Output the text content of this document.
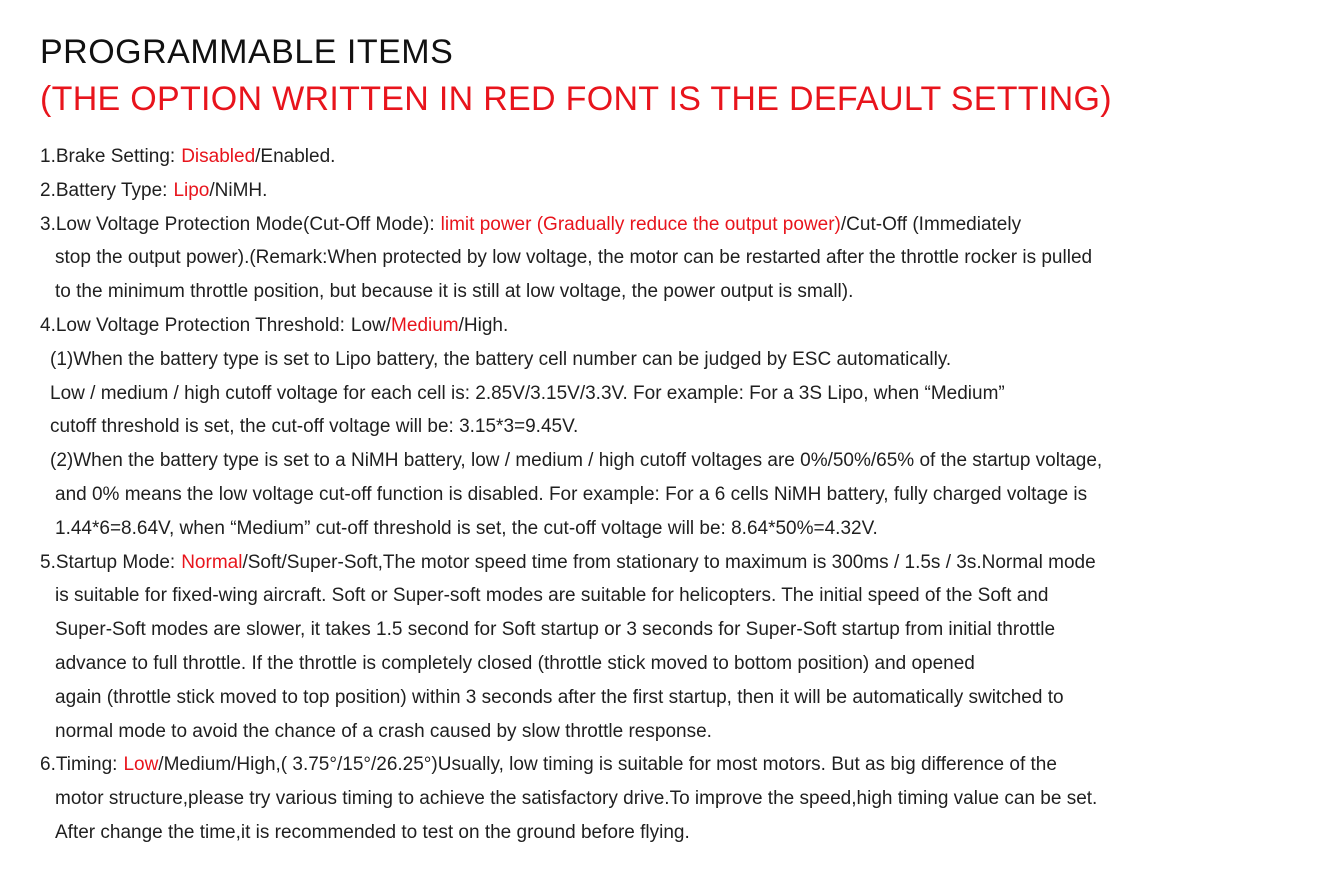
PROGRAMMABLE ITEMS
(THE OPTION WRITTEN IN RED FONT IS THE DEFAULT SETTING)
1.Brake Setting: Disabled/Enabled.
2.Battery Type: Lipo/NiMH.
3.Low Voltage Protection Mode(Cut-Off Mode): limit power (Gradually reduce the output power)/Cut-Off (Immediately
stop the output power).(Remark:When protected by low voltage, the motor can be restarted after the throttle rocker is pulled
to the minimum throttle position, but because it is still at low voltage, the power output is small).
4.Low Voltage Protection Threshold: Low/Medium/High.
(1)When the battery type is set to Lipo battery, the battery cell number can be judged by ESC automatically.
Low / medium / high cutoff voltage for each cell is: 2.85V/3.15V/3.3V. For example: For a 3S Lipo, when “Medium”
cutoff threshold is set, the cut-off voltage will be: 3.15*3=9.45V.
(2)When the battery type is set to a NiMH battery, low / medium / high cutoff voltages are 0%/50%/65% of the startup voltage,
and 0% means the low voltage cut-off function is disabled. For example: For a 6 cells NiMH battery, fully charged voltage is
1.44*6=8.64V, when “Medium” cut-off threshold is set, the cut-off voltage will be: 8.64*50%=4.32V.
5.Startup Mode: Normal/Soft/Super-Soft,The motor speed time from stationary to maximum is 300ms / 1.5s / 3s.Normal mode
is suitable for fixed-wing aircraft. Soft or Super-soft modes are suitable for helicopters. The initial speed of the Soft and
Super-Soft modes are slower, it takes 1.5 second for Soft startup or 3 seconds for Super-Soft startup from initial throttle
advance to full throttle. If the throttle is completely closed (throttle stick moved to bottom position) and opened
again (throttle stick moved to top position) within 3 seconds after the first startup, then it will be automatically switched to
normal mode to avoid the chance of a crash caused by slow throttle response.
6.Timing: Low/Medium/High,( 3.75°/15°/26.25°)Usually, low timing is suitable for most motors. But as big difference of the
motor structure,please try various timing to achieve the satisfactory drive.To improve the speed,high timing value can be set.
After change the time,it is recommended to test on the ground before flying.
